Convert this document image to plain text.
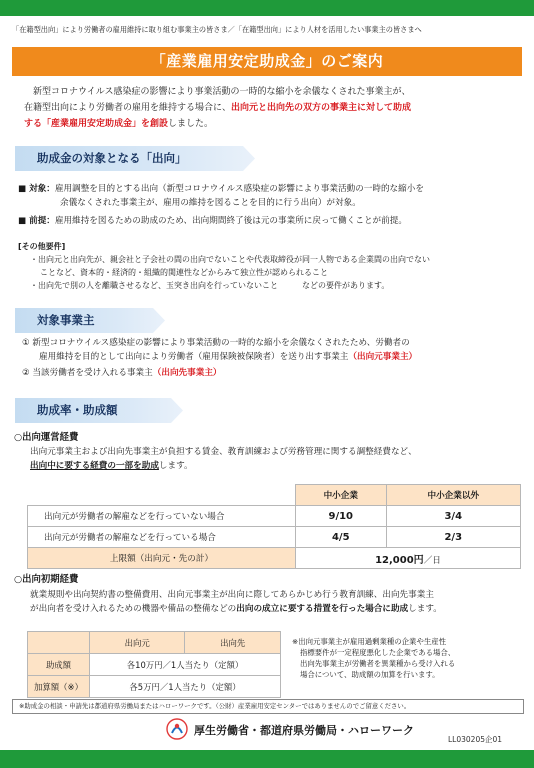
「在籍型出向」により労働者の雇用維持に取り組む事業主の皆さま／「在籍型出向」により人材を活用したい事業主の皆さまへ
「産業雇用安定助成金」のご案内
新型コロナウイルス感染症の影響により事業活動の一時的な縮小を余儀なくされた事業主が、
在籍型出向により労働者の雇用を維持する場合に、出向元と出向先の双方の事業主に対して助成
する「産業雇用安定助成金」を創設しました。
助成金の対象となる「出向」
■ 対象：雇用調整を目的とする出向（新型コロナウイルス感染症の影響により事業活動の一時的な縮小を
余儀なくされた事業主が、雇用の維持を図ることを目的に行う出向）が対象。
■ 前提：雇用維持を図るための助成のため、出向期間終了後は元の事業所に戻って働くことが前提。
[その他要件]
・出向元と出向先が、親会社と子会社の間の出向でないことや代表取締役が同一人物である企業間の出向でない
ことなど、資本的・経済的・組織的関連性などからみて独立性が認められること
・出向先で別の人を離職させるなど、玉突き出向を行っていないこと　　　などの要件があります。
対象事業主
① 新型コロナウイルス感染症の影響により事業活動の一時的な縮小を余儀なくされたため、労働者の
雇用維持を目的として出向により労働者（雇用保険被保険者）を送り出す事業主（出向元事業主）
② 当該労働者を受け入れる事業主（出向先事業主）
助成率・助成額
○出向運営経費
出向元事業主および出向先事業主が負担する賃金、教育訓練および労務管理に関する調整経費など、
出向中に要する経費の一部を助成します。
	中小企業	中小企業以外
出向元が労働者の解雇などを行っていない場合	9/10	3/4
出向元が労働者の解雇などを行っている場合	4/5	2/3
上限額（出向元・先の計）	12,000円／日	
○出向初期経費
就業規則や出向契約書の整備費用、出向元事業主が出向に際してあらかじめ行う教育訓練、出向先事業主
が出向者を受け入れるための機器や備品の整備などの出向の成立に要する措置を行った場合に助成します。
	出向元	出向先
助成額	各10万円／1人当たり（定額）	
加算額（※）	各5万円／1人当たり（定額）	
※出向元事業主が雇用過剰業種の企業や生産性
指標要件が一定程度悪化した企業である場合、
出向先事業主が労働者を異業種から受け入れる
場合について、助成額の加算を行います。
※助成金の相談・申請先は都道府県労働局またはハローワークです。（公財）産業雇用安定センターではありませんのでご留意ください。
厚生労働省・都道府県労働局・ハローワーク
LL030205企01
